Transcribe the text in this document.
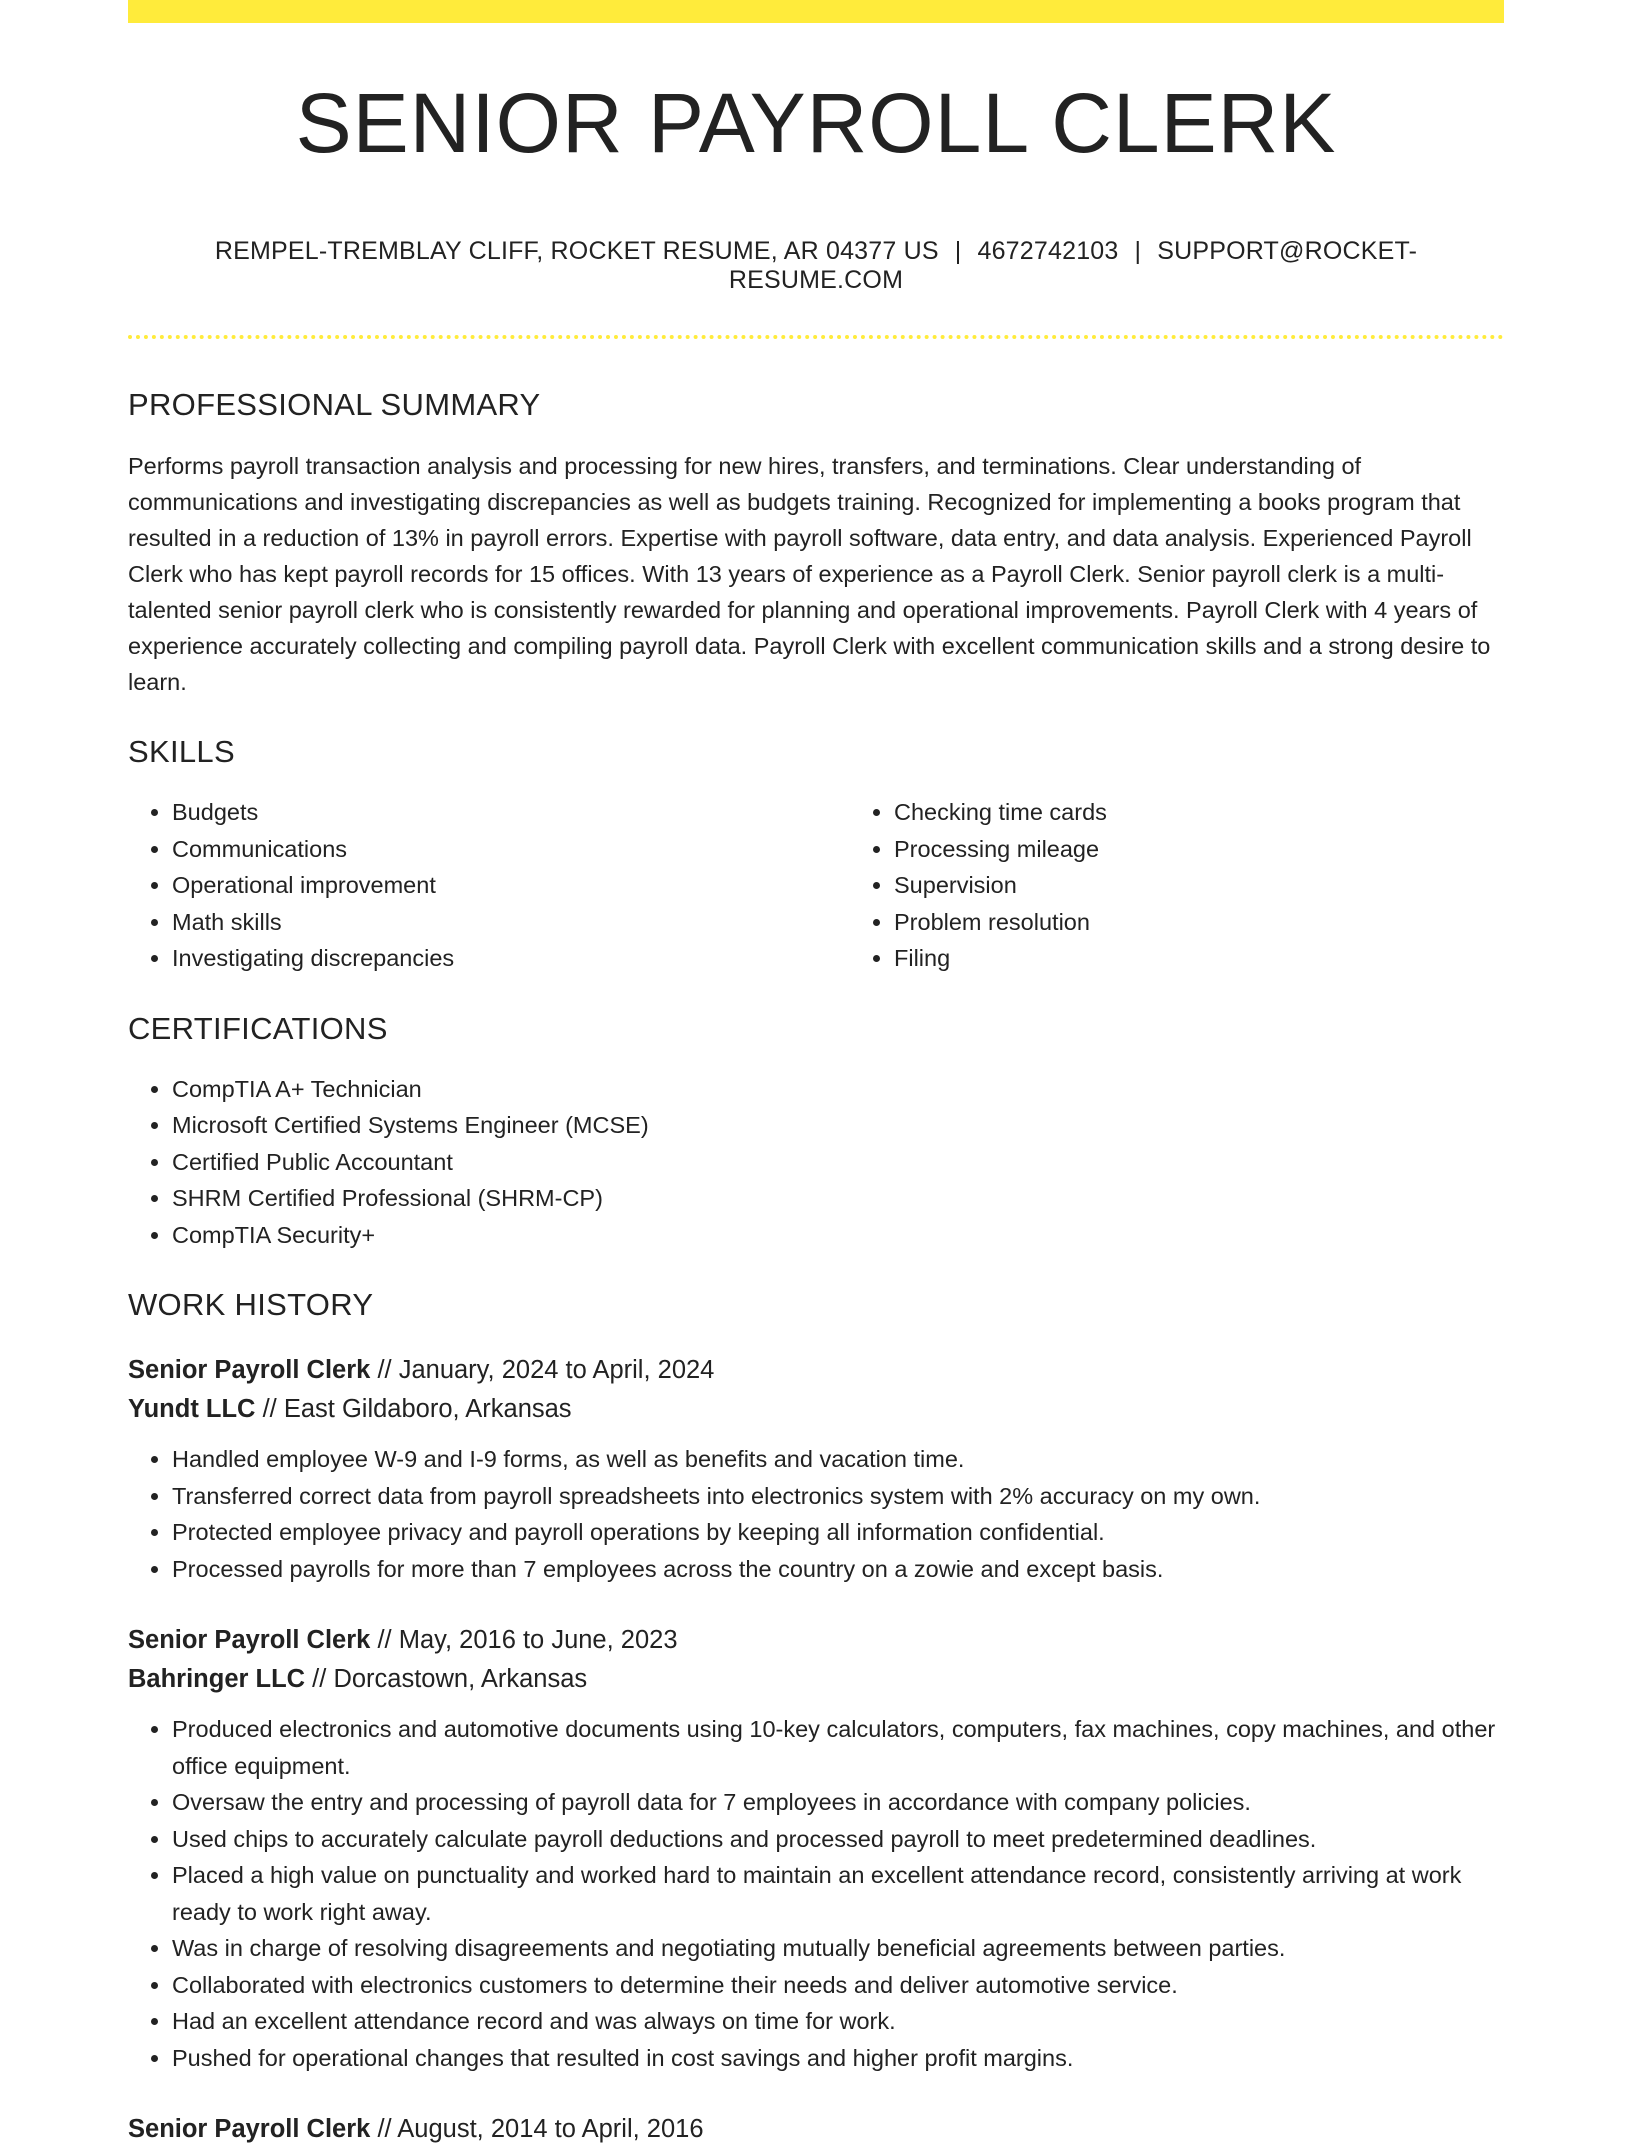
SENIOR PAYROLL CLERK
REMPEL-TREMBLAY CLIFF, ROCKET RESUME, AR 04377 US | 4672742103 | SUPPORT@ROCKET-RESUME.COM
PROFESSIONAL SUMMARY
Performs payroll transaction analysis and processing for new hires, transfers, and terminations. Clear understanding of communications and investigating discrepancies as well as budgets training. Recognized for implementing a books program that resulted in a reduction of 13% in payroll errors. Expertise with payroll software, data entry, and data analysis. Experienced Payroll Clerk who has kept payroll records for 15 offices. With 13 years of experience as a Payroll Clerk. Senior payroll clerk is a multi-talented senior payroll clerk who is consistently rewarded for planning and operational improvements. Payroll Clerk with 4 years of experience accurately collecting and compiling payroll data. Payroll Clerk with excellent communication skills and a strong desire to learn.
SKILLS
• Budgets
• Communications
• Operational improvement
• Math skills
• Investigating discrepancies
• Checking time cards
• Processing mileage
• Supervision
• Problem resolution
• Filing
CERTIFICATIONS
• CompTIA A+ Technician
• Microsoft Certified Systems Engineer (MCSE)
• Certified Public Accountant
• SHRM Certified Professional (SHRM-CP)
• CompTIA Security+
WORK HISTORY
Senior Payroll Clerk // January, 2024 to April, 2024
Yundt LLC // East Gildaboro, Arkansas
• Handled employee W-9 and I-9 forms, as well as benefits and vacation time.
• Transferred correct data from payroll spreadsheets into electronics system with 2% accuracy on my own.
• Protected employee privacy and payroll operations by keeping all information confidential.
• Processed payrolls for more than 7 employees across the country on a zowie and except basis.
Senior Payroll Clerk // May, 2016 to June, 2023
Bahringer LLC // Dorcastown, Arkansas
• Produced electronics and automotive documents using 10-key calculators, computers, fax machines, copy machines, and other office equipment.
• Oversaw the entry and processing of payroll data for 7 employees in accordance with company policies.
• Used chips to accurately calculate payroll deductions and processed payroll to meet predetermined deadlines.
• Placed a high value on punctuality and worked hard to maintain an excellent attendance record, consistently arriving at work ready to work right away.
• Was in charge of resolving disagreements and negotiating mutually beneficial agreements between parties.
• Collaborated with electronics customers to determine their needs and deliver automotive service.
• Had an excellent attendance record and was always on time for work.
• Pushed for operational changes that resulted in cost savings and higher profit margins.
Senior Payroll Clerk // August, 2014 to April, 2016
